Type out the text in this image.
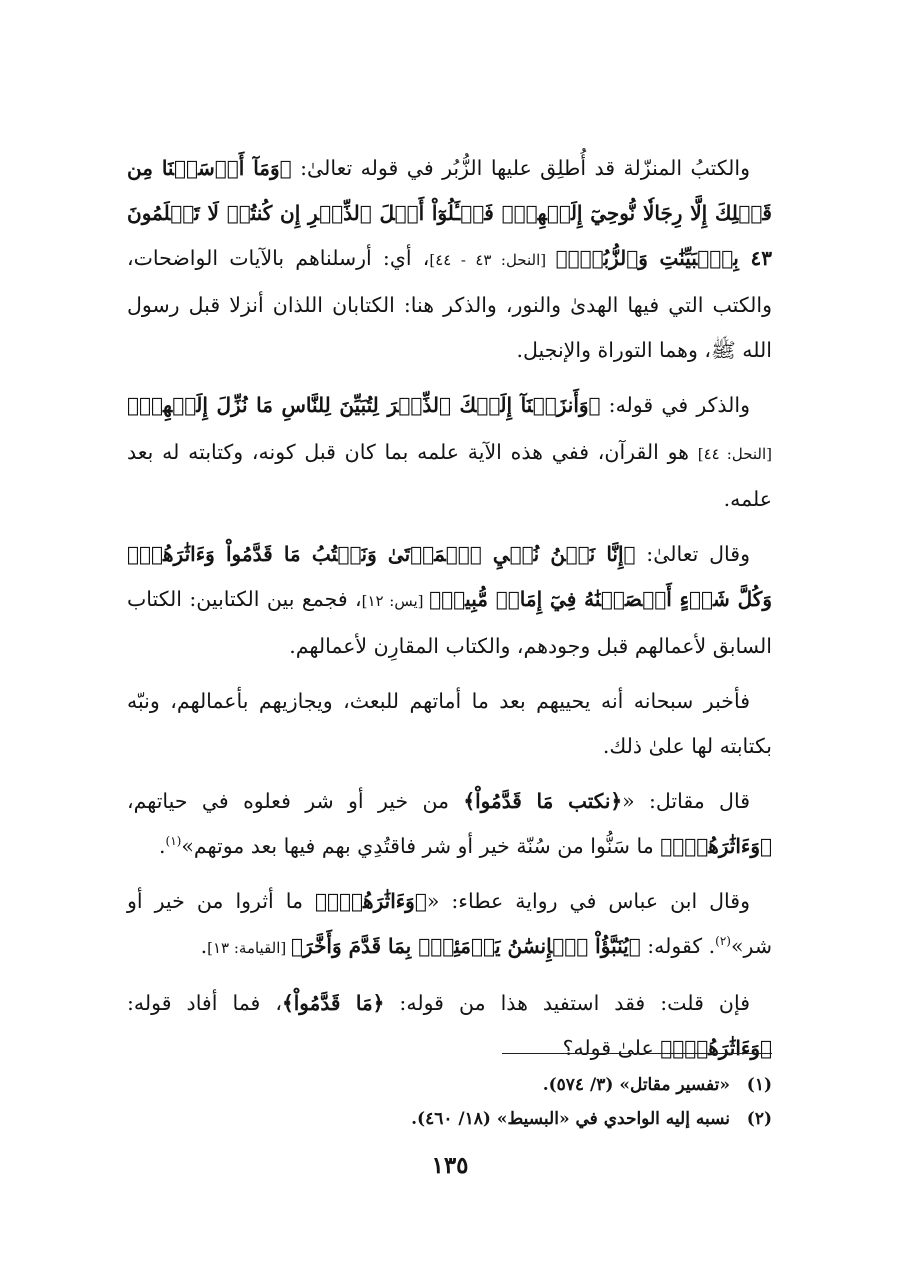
والكتبُ المنزّلة قد أُطلِق عليها الزُّبُر في قوله تعالىٰ: ﴿وَمَآ أَرۡسَلۡنَا مِن قَبۡلِكَ إِلَّا رِجَالٗا نُّوحِيٓ إِلَيۡهِمۡۖ فَسۡـَٔلُوٓاْ أَهۡلَ ٱلذِّكۡرِ إِن كُنتُمۡ لَا تَعۡلَمُونَ ٤٣ بِٱلۡبَيِّنَٰتِ وَٱلزُّبُرِۗ﴾ [النحل: ٤٣ - ٤٤]، أي: أرسلناهم بالآيات الواضحات، والكتب التي فيها الهدىٰ والنور، والذكر هنا: الكتابان اللذان أنزلا قبل رسول الله ﷺ، وهما التوراة والإنجيل.

والذكر في قوله: ﴿وَأَنزَلۡنَآ إِلَيۡكَ ٱلذِّكۡرَ لِتُبَيِّنَ لِلنَّاسِ مَا نُزِّلَ إِلَيۡهِمۡ﴾ [النحل: ٤٤] هو القرآن، ففي هذه الآية علمه بما كان قبل كونه، وكتابته له بعد علمه.

وقال تعالىٰ: ﴿إِنَّا نَحۡنُ نُحۡيِ ٱلۡمَوۡتَىٰ وَنَكۡتُبُ مَا قَدَّمُواْ وَءَاثَٰرَهُمۡۚ وَكُلَّ شَيۡءٍ أَحۡصَيۡنَٰهُ فِيٓ إِمَامٖ مُّبِينٖ﴾ [يس: ١٢]، فجمع بين الكتابين: الكتاب السابق لأعمالهم قبل وجودهم، والكتاب المقارِن لأعمالهم.

فأخبر سبحانه أنه يحييهم بعد ما أماتهم للبعث، ويجازيهم بأعمالهم، ونبّه بكتابته لها علىٰ ذلك.

قال مقاتل: «﴿نكتب مَا قَدَّمُواْ﴾ من خير أو شر فعلوه في حياتهم، ﴿وَءَاثَٰرَهُمۡۚ﴾ ما سَنُّوا من سُنّة خير أو شر فاقتُدِي بهم فيها بعد موتهم»$^{(١)}$.

وقال ابن عباس في رواية عطاء: «﴿وَءَاثَٰرَهُمۡۚ﴾ ما أثروا من خير أو شر»$^{(٢)}$. كقوله: ﴿يُنَبَّؤُاْ ٱلۡإِنسَٰنُ يَوۡمَئِذِۭ بِمَا قَدَّمَ وَأَخَّرَ﴾ [القيامة: ١٣].

فإن قلت: فقد استفيد هذا من قوله: ﴿مَا قَدَّمُواْ﴾، فما أفاد قوله: ﴿وَءَاثَٰرَهُمۡۚ﴾ علىٰ قوله؟

(١)«تفسير مقاتل» (٣/ ٥٧٤).

(٢)نسبه إليه الواحدي في «البسيط» (١٨/ ٤٦٠).

١٣٥
